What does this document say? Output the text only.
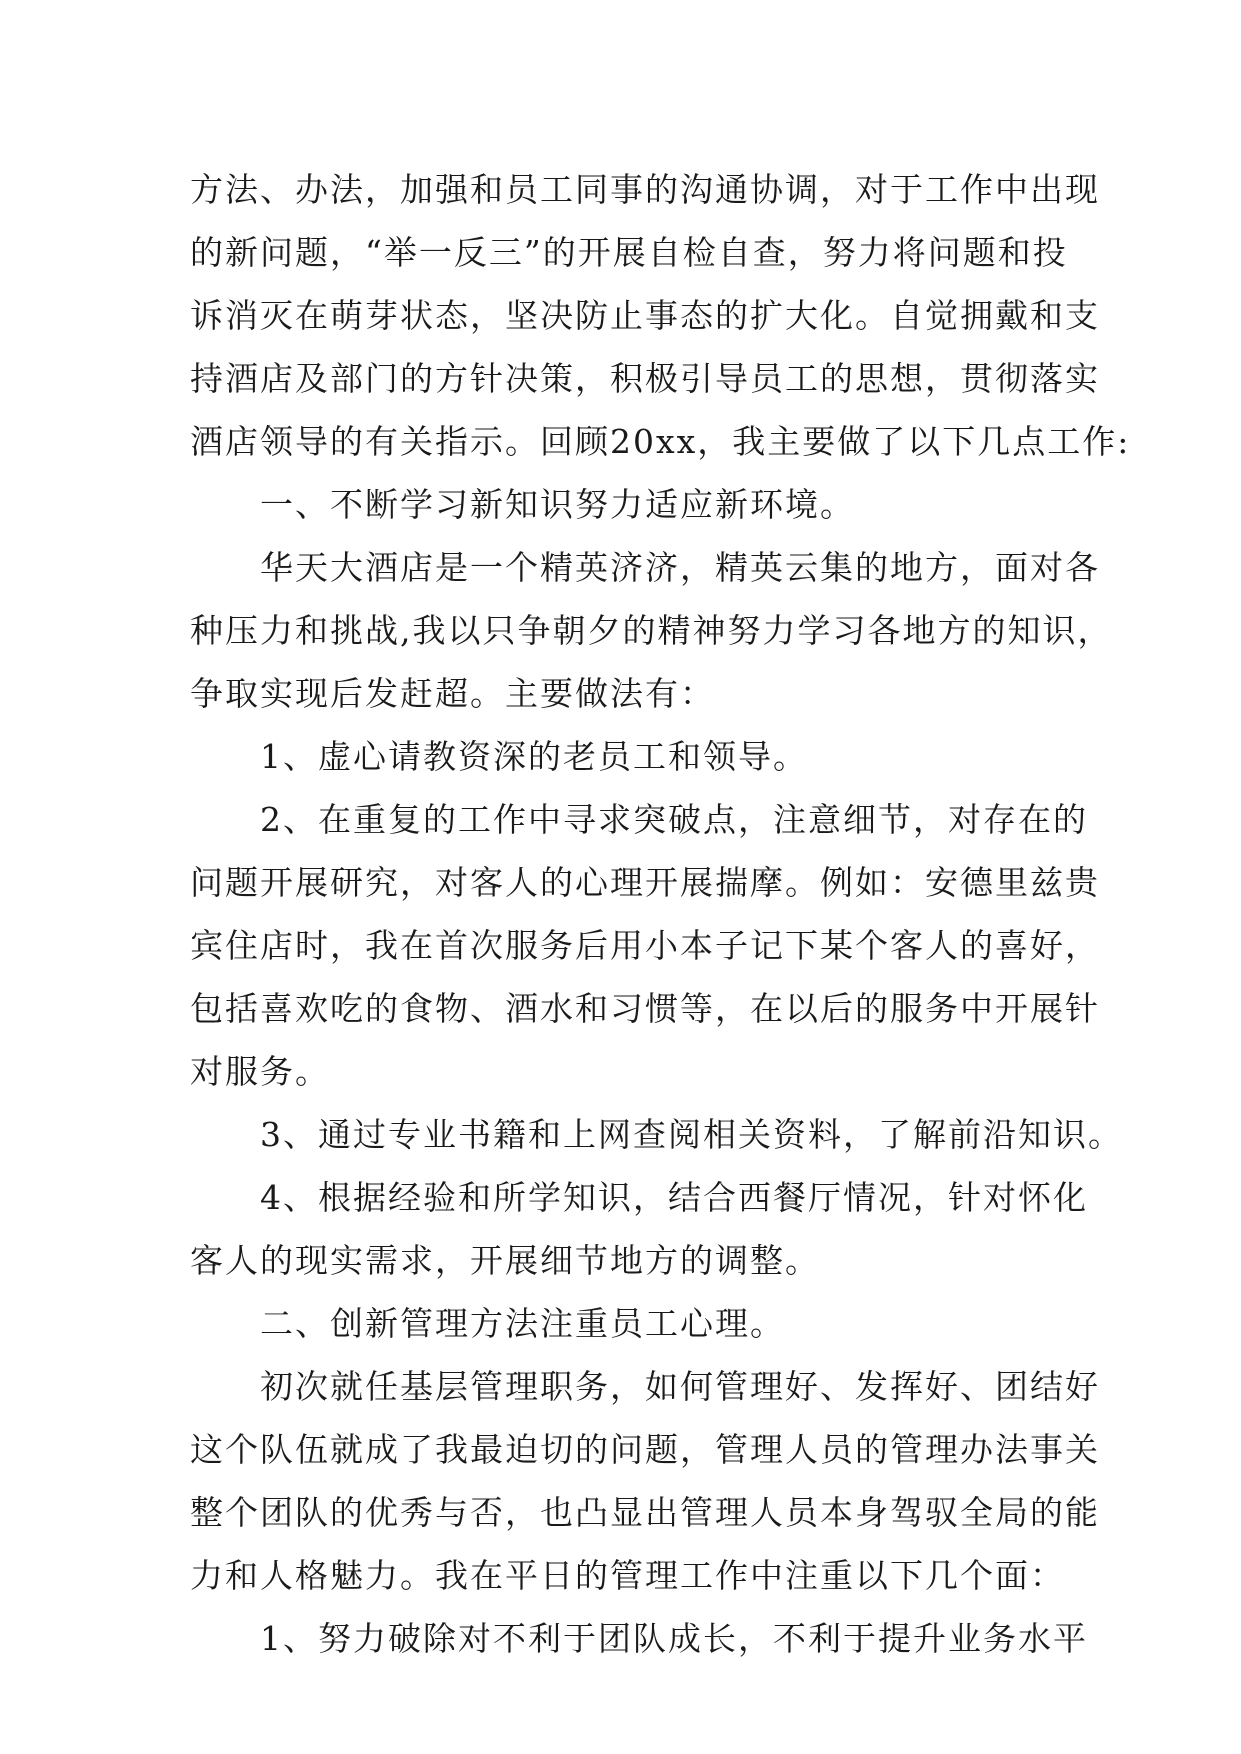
方法、办法，加强和员工同事的沟通协调，对于工作中出现
的新问题，“举一反三”的开展自检自查，努力将问题和投
诉消灭在萌芽状态，坚决防止事态的扩大化。自觉拥戴和支
持酒店及部门的方针决策，积极引导员工的思想，贯彻落实
酒店领导的有关指示。回顾20xx，我主要做了以下几点工作:
一、不断学习新知识努力适应新环境。
华天大酒店是一个精英济济，精英云集的地方，面对各
种压力和挑战,我以只争朝夕的精神努力学习各地方的知识，
争取实现后发赶超。主要做法有：
1、虚心请教资深的老员工和领导。
2、在重复的工作中寻求突破点，注意细节，对存在的
问题开展研究，对客人的心理开展揣摩。例如：安德里兹贵
宾住店时，我在首次服务后用小本子记下某个客人的喜好，
包括喜欢吃的食物、酒水和习惯等，在以后的服务中开展针
对服务。
3、通过专业书籍和上网查阅相关资料，了解前沿知识。
4、根据经验和所学知识，结合西餐厅情况，针对怀化
客人的现实需求，开展细节地方的调整。
二、创新管理方法注重员工心理。
初次就任基层管理职务，如何管理好、发挥好、团结好
这个队伍就成了我最迫切的问题，管理人员的管理办法事关
整个团队的优秀与否，也凸显出管理人员本身驾驭全局的能
力和人格魅力。我在平日的管理工作中注重以下几个面：
1、努力破除对不利于团队成长，不利于提升业务水平
